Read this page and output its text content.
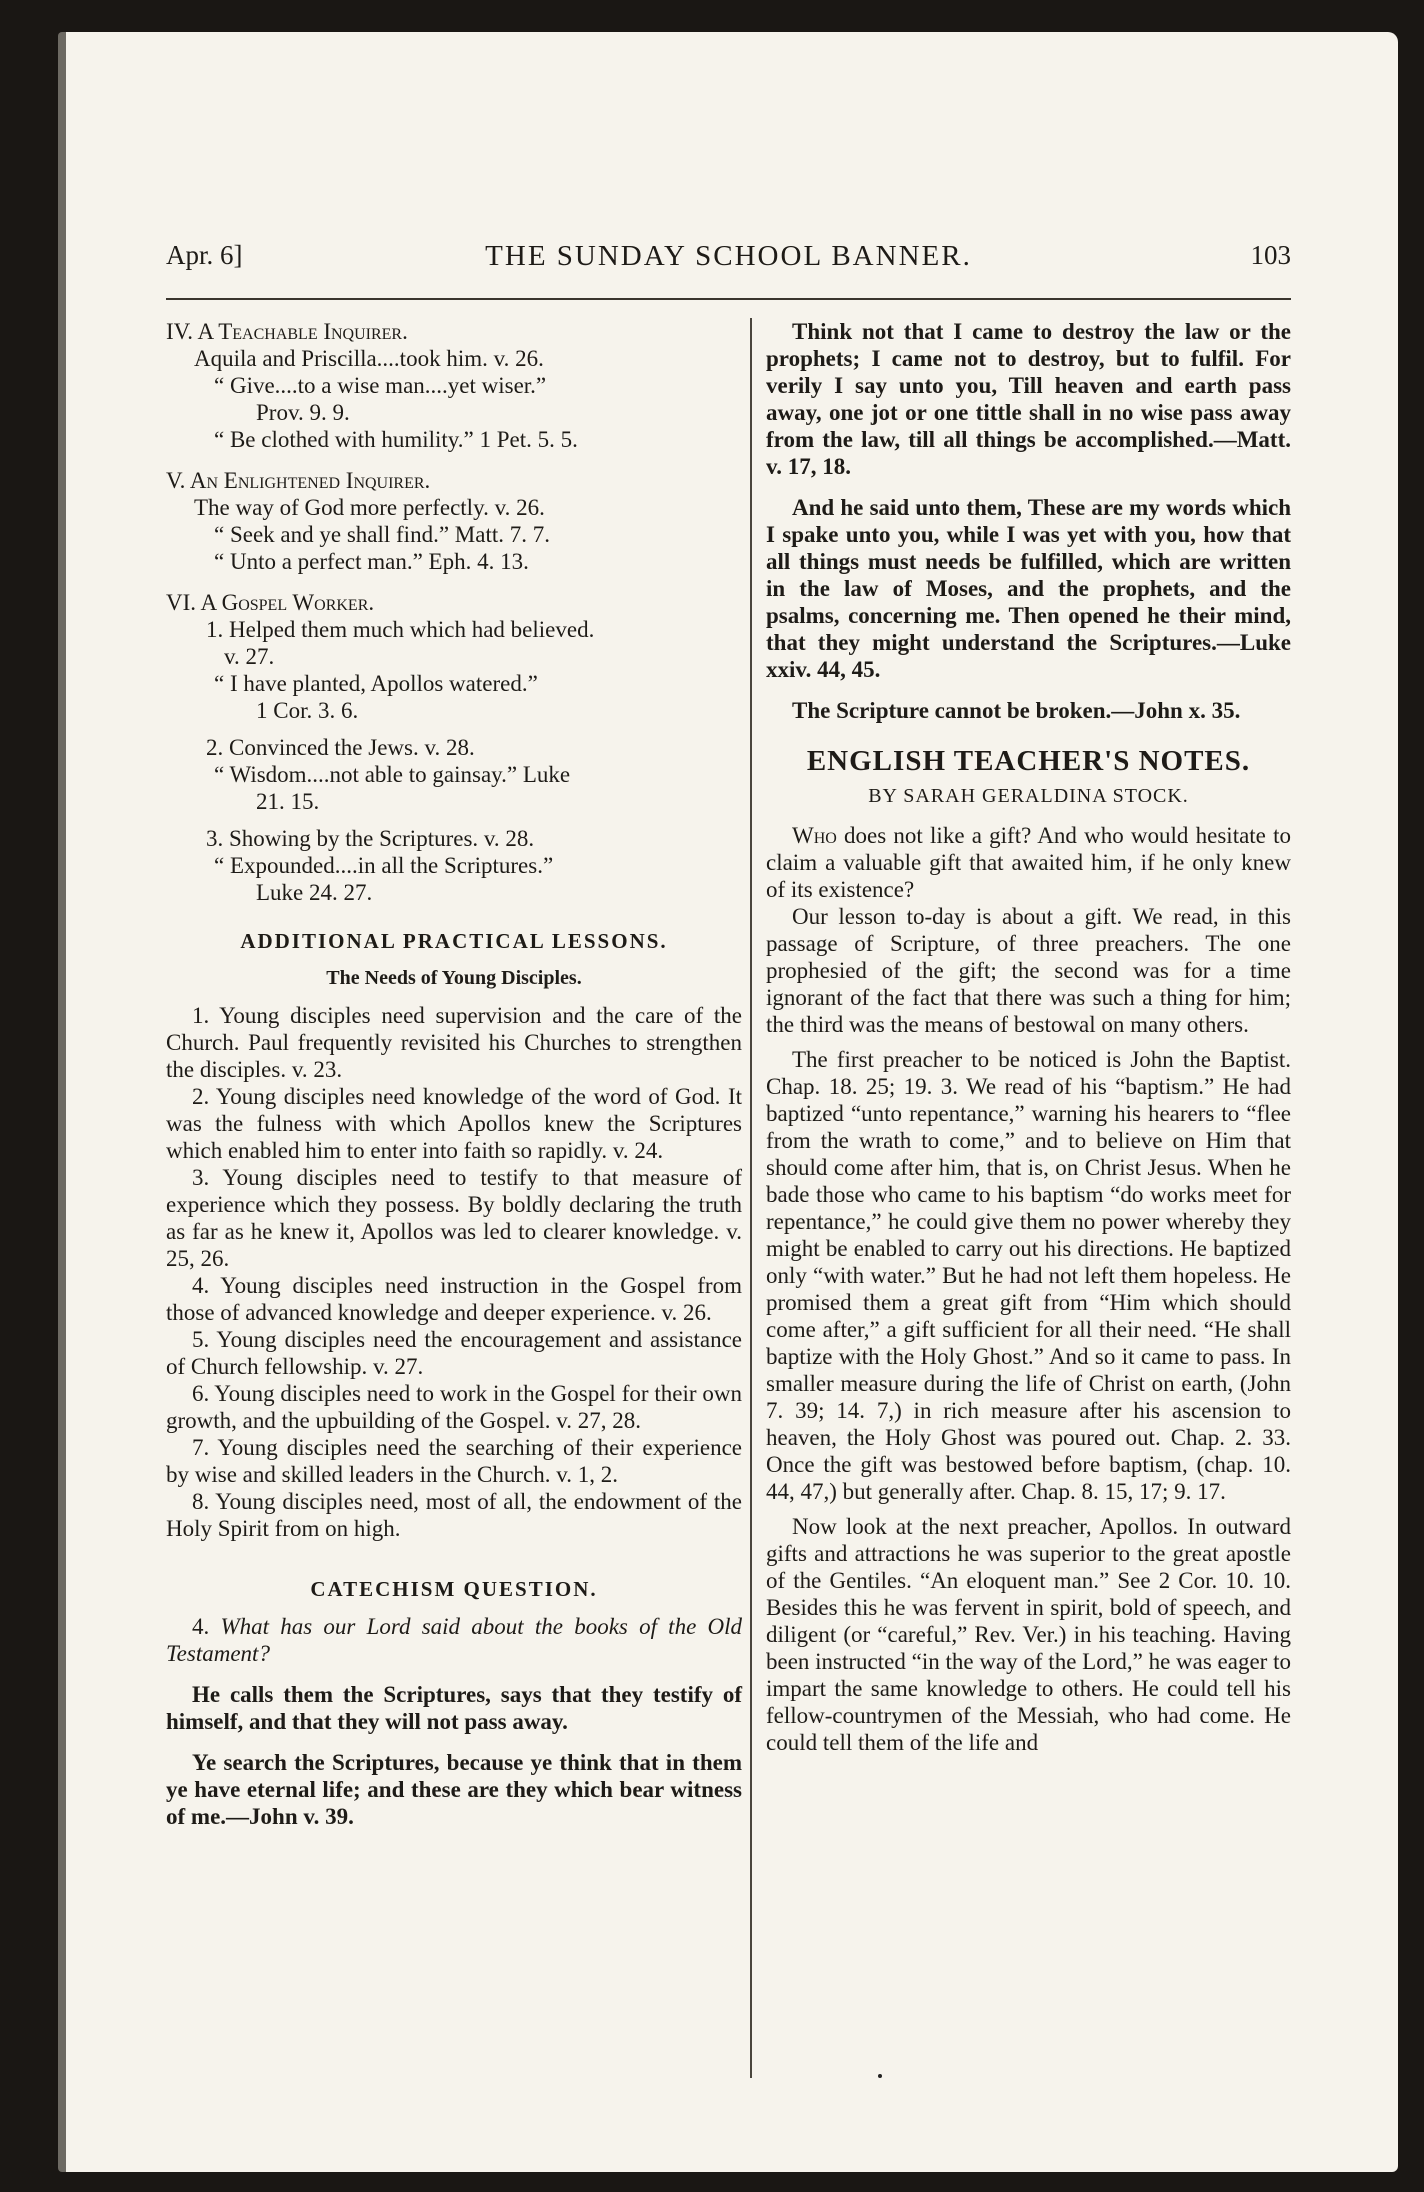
Apr. 6]	THE SUNDAY SCHOOL BANNER.	103

IV. A Teachable Inquirer.

Aquila and Priscilla....took him. v. 26.

“ Give....to a wise man....yet wiser.”

Prov. 9. 9.

“ Be clothed with humility.” 1 Pet. 5. 5.

V. An Enlightened Inquirer.

The way of God more perfectly. v. 26.

“ Seek and ye shall find.” Matt. 7. 7.

“ Unto a perfect man.” Eph. 4. 13.

VI. A Gospel Worker.

1. Helped them much which had believed.

v. 27.

“ I have planted, Apollos watered.”

1 Cor. 3. 6.

2. Convinced the Jews. v. 28.

“ Wisdom....not able to gainsay.” Luke

21. 15.

3. Showing by the Scriptures. v. 28.

“ Expounded....in all the Scriptures.”

Luke 24. 27.

ADDITIONAL PRACTICAL LESSONS.
The Needs of Young Disciples.

1. Young disciples need supervision and the care of the Church. Paul frequently revisited his Churches to strengthen the disciples. v. 23.

2. Young disciples need knowledge of the word of God. It was the fulness with which Apollos knew the Scriptures which enabled him to enter into faith so rapidly. v. 24.

3. Young disciples need to testify to that measure of experience which they possess. By boldly declaring the truth as far as he knew it, Apollos was led to clearer knowledge. v. 25, 26.

4. Young disciples need instruction in the Gospel from those of advanced knowledge and deeper experience. v. 26.

5. Young disciples need the encouragement and assistance of Church fellowship. v. 27.

6. Young disciples need to work in the Gospel for their own growth, and the upbuilding of the Gospel. v. 27, 28.

7. Young disciples need the searching of their experience by wise and skilled leaders in the Church. v. 1, 2.

8. Young disciples need, most of all, the endowment of the Holy Spirit from on high.

CATECHISM QUESTION.

4. What has our Lord said about the books of the Old Testament?

He calls them the Scriptures, says that they testify of himself, and that they will not pass away.

Ye search the Scriptures, because ye think that in them ye have eternal life; and these are they which bear witness of me.—John v. 39.

Think not that I came to destroy the law or the prophets; I came not to destroy, but to fulfil. For verily I say unto you, Till heaven and earth pass away, one jot or one tittle shall in no wise pass away from the law, till all things be accomplished.—Matt. v. 17, 18.

And he said unto them, These are my words which I spake unto you, while I was yet with you, how that all things must needs be fulfilled, which are written in the law of Moses, and the prophets, and the psalms, concerning me. Then opened he their mind, that they might understand the Scriptures.—Luke xxiv. 44, 45.

The Scripture cannot be broken.—John x. 35.

ENGLISH TEACHER'S NOTES.
BY SARAH GERALDINA STOCK.

Who does not like a gift? And who would hesitate to claim a valuable gift that awaited him, if he only knew of its existence?

Our lesson to-day is about a gift. We read, in this passage of Scripture, of three preachers. The one prophesied of the gift; the second was for a time ignorant of the fact that there was such a thing for him; the third was the means of bestowal on many others.

The first preacher to be noticed is John the Baptist. Chap. 18. 25; 19. 3. We read of his “baptism.” He had baptized “unto repentance,” warning his hearers to “flee from the wrath to come,” and to believe on Him that should come after him, that is, on Christ Jesus. When he bade those who came to his baptism “do works meet for repentance,” he could give them no power whereby they might be enabled to carry out his directions. He baptized only “with water.” But he had not left them hopeless. He promised them a great gift from “Him which should come after,” a gift sufficient for all their need. “He shall baptize with the Holy Ghost.” And so it came to pass. In smaller measure during the life of Christ on earth, (John 7. 39; 14. 7,) in rich measure after his ascension to heaven, the Holy Ghost was poured out. Chap. 2. 33. Once the gift was bestowed before baptism, (chap. 10. 44, 47,) but generally after. Chap. 8. 15, 17; 9. 17.

Now look at the next preacher, Apollos. In outward gifts and attractions he was superior to the great apostle of the Gentiles. “An eloquent man.” See 2 Cor. 10. 10. Besides this he was fervent in spirit, bold of speech, and diligent (or “careful,” Rev. Ver.) in his teaching. Having been instructed “in the way of the Lord,” he was eager to impart the same knowledge to others. He could tell his fellow-countrymen of the Messiah, who had come. He could tell them of the life and
